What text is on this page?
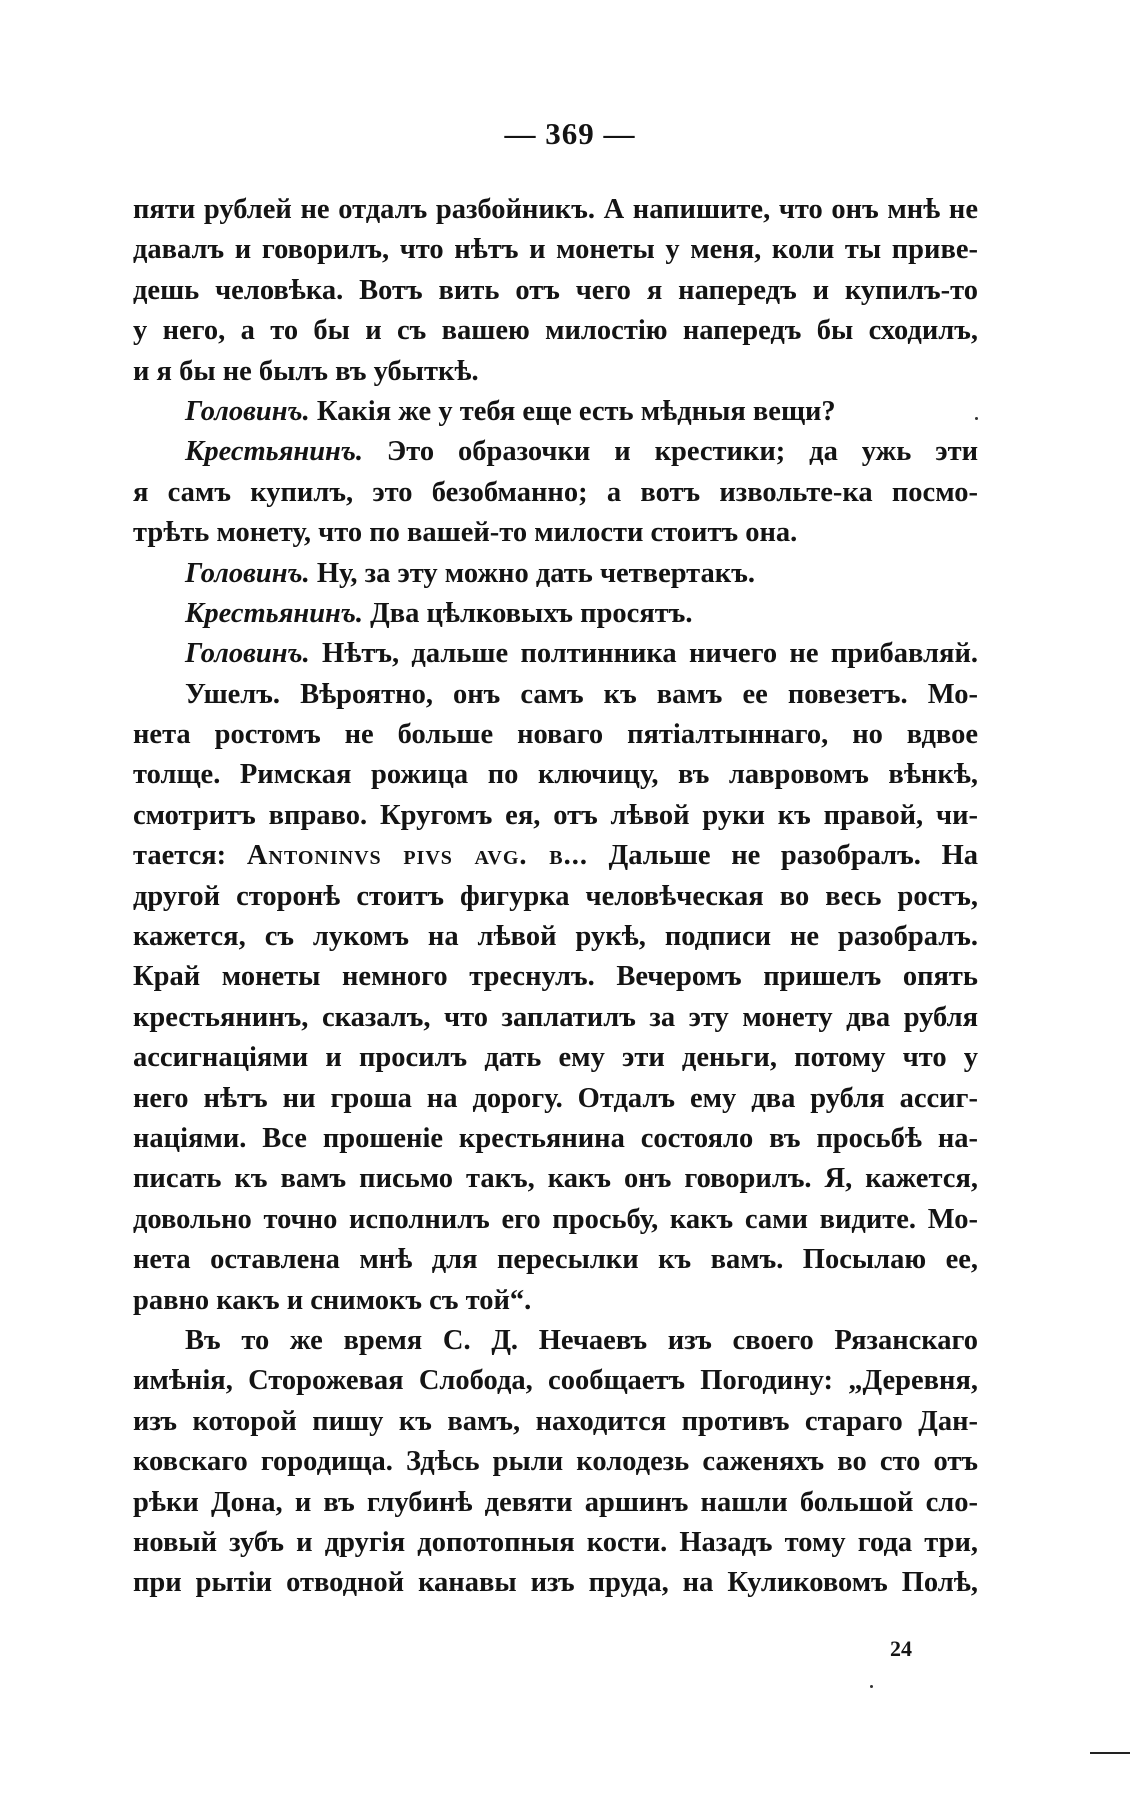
— 369 —
пяти рублей не отдалъ разбойникъ. А напишите, что онъ мнѣ не
давалъ и говорилъ, что нѣтъ и монеты у меня, коли ты приве-
дешь человѣка. Вотъ вить отъ чего я напередъ и купилъ-то
у него, а то бы и съ вашею милостію напередъ бы сходилъ,
и я бы не былъ въ убыткѣ.
Головинъ. Какія же у тебя еще есть мѣдныя вещи?
Крестьянинъ. Это образочки и крестики; да ужь эти
я самъ купилъ, это безобманно; а вотъ извольте-ка посмо-
трѣть монету, что по вашей-то милости стоитъ она.
Головинъ. Ну, за эту можно дать четвертакъ.
Крестьянинъ. Два цѣлковыхъ просятъ.
Головинъ. Нѣтъ, дальше полтинника ничего не прибавляй.
Ушелъ. Вѣроятно, онъ самъ къ вамъ ее повезетъ. Мо-
нета ростомъ не больше новаго пятіалтыннаго, но вдвое
толще. Римская рожица по ключицу, въ лавровомъ вѣнкѣ,
смотритъ вправо. Кругомъ ея, отъ лѣвой руки къ правой, чи-
тается: Antoninvs pivs avg. b... Дальше не разобралъ. На
другой сторонѣ стоитъ фигурка человѣческая во весь ростъ,
кажется, съ лукомъ на лѣвой рукѣ, подписи не разобралъ.
Край монеты немного треснулъ. Вечеромъ пришелъ опять
крестьянинъ, сказалъ, что заплатилъ за эту монету два рубля
ассигнаціями и просилъ дать ему эти деньги, потому что у
него нѣтъ ни гроша на дорогу. Отдалъ ему два рубля ассиг-
націями. Все прошеніе крестьянина состояло въ просьбѣ на-
писать къ вамъ письмо такъ, какъ онъ говорилъ. Я, кажется,
довольно точно исполнилъ его просьбу, какъ сами видите. Мо-
нета оставлена мнѣ для пересылки къ вамъ. Посылаю ее,
равно какъ и снимокъ съ той“.
Въ то же время С. Д. Нечаевъ изъ своего Рязанскаго
имѣнія, Сторожевая Слобода, сообщаетъ Погодину: „Деревня,
изъ которой пишу къ вамъ, находится противъ стараго Дан-
ковскаго городища. Здѣсь рыли колодезь саженяхъ во сто отъ
рѣки Дона, и въ глубинѣ девяти аршинъ нашли большой сло-
новый зубъ и другія допотопныя кости. Назадъ тому года три,
при рытіи отводной канавы изъ пруда, на Куликовомъ Полѣ,
24
